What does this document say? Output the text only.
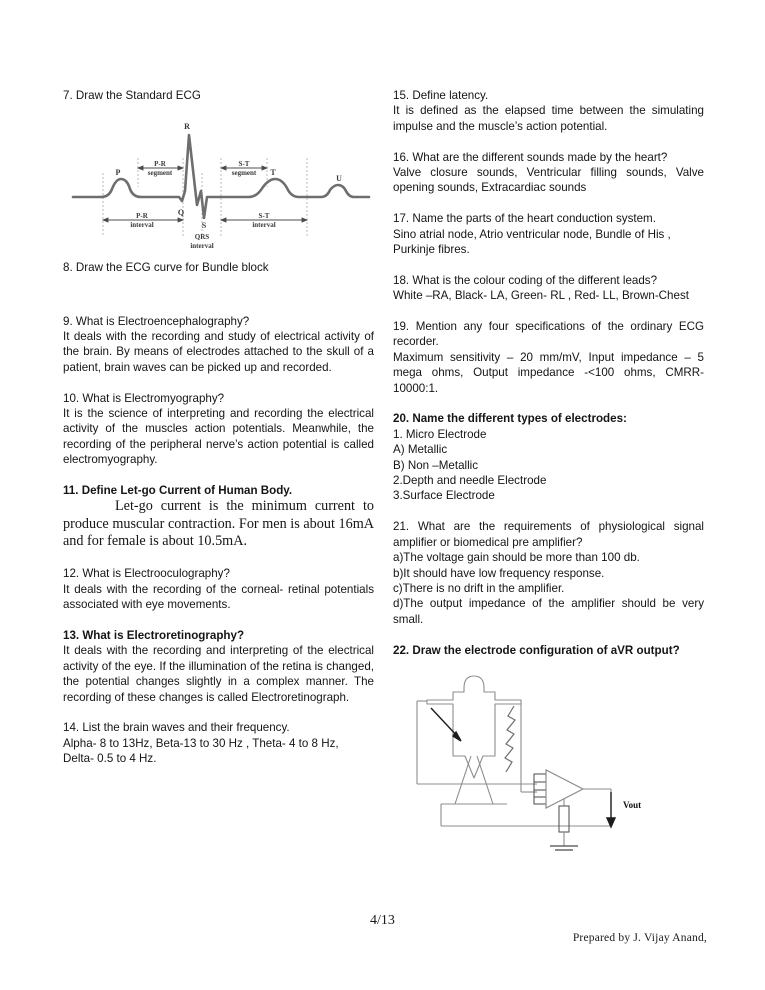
7. Draw the Standard ECG

R
P
Q
S
T
U
P-R
segment
S-T
segment
P-R
interval
QRS
interval
S-T
interval

8. Draw the ECG curve for Bundle block

9. What is Electroencephalography?

It deals with the recording and study of electrical activity of the brain. By means of electrodes attached to the skull of a patient, brain waves can be picked up and recorded.

10. What is Electromyography?

It is the science of interpreting and recording the electrical activity of the muscles action potentials. Meanwhile, the recording of the peripheral nerve’s action potential is called electromyography.

11. Define Let-go Current of Human Body.

Let-go current is the minimum current to produce muscular contraction. For men is about 16mA and for female is about 10.5mA.

12. What is Electrooculography?

It deals with the recording of the corneal- retinal potentials associated with eye movements.

13. What is Electroretinography?

It deals with the recording and interpreting of the electrical activity of the eye. If the illumination of the retina is changed, the potential changes slightly in a complex manner. The recording of these changes is called Electroretinograph.

14. List the brain waves and their frequency.

Alpha- 8 to 13Hz, Beta-13 to 30 Hz , Theta- 4 to 8 Hz,

Delta- 0.5 to 4 Hz.

15. Define latency.

It is defined as the elapsed time between the simulating impulse and the muscle’s action potential.

16. What are the different sounds made by the heart?

Valve closure sounds, Ventricular filling sounds, Valve opening sounds, Extracardiac sounds

17. Name the parts of the heart conduction system.

Sino atrial node, Atrio ventricular node, Bundle of His , Purkinje fibres.

18. What is the colour coding of the different leads?

White –RA, Black- LA, Green- RL , Red- LL, Brown-Chest

19. Mention any four specifications of the ordinary ECG recorder.

Maximum sensitivity – 20 mm/mV, Input impedance – 5 mega ohms, Output impedance -<100 ohms, CMRR- 10000:1.

20. Name the different types of electrodes:

1. Micro Electrode

A) Metallic

B) Non –Metallic

2.Depth and needle Electrode

3.Surface Electrode

21. What are the requirements of physiological signal amplifier or biomedical pre amplifier?

a)The voltage gain should be more than 100 db.

b)It should have low frequency response.

c)There is no drift in the amplifier.

d)The output impedance of the amplifier should be very small.

22. Draw the electrode configuration of aVR output?

Vout
4/13
Prepared by J. Vijay Anand,
